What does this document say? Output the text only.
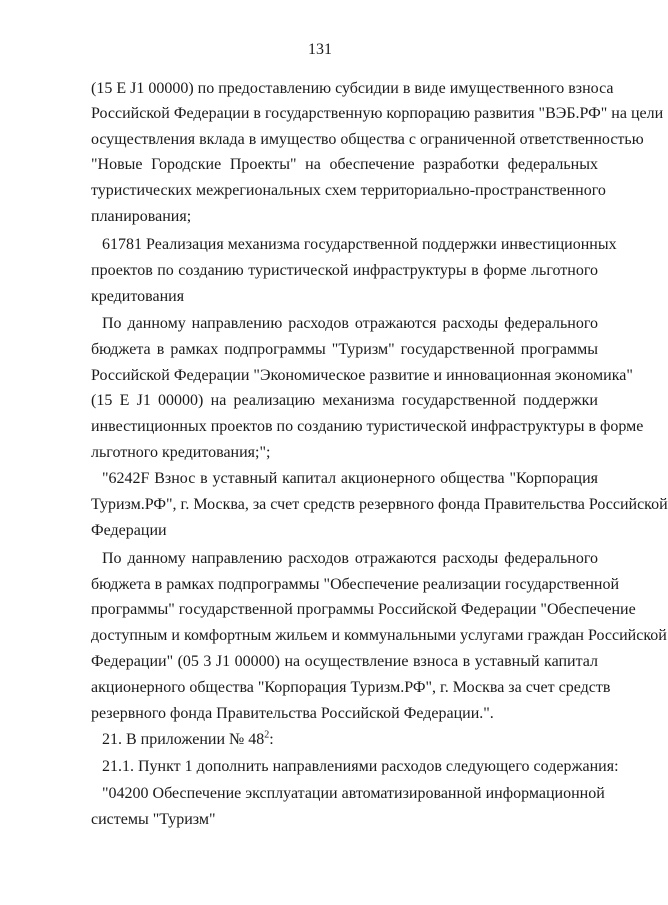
131
(15 E J1 00000) по предоставлению субсидии в виде имущественного взноса
Российской Федерации в государственную корпорацию развития "ВЭБ.РФ" на цели
осуществления вклада в имущество общества с ограниченной ответственностью
"Новые Городские Проекты" на обеспечение разработки федеральных
туристических межрегиональных схем территориально-пространственного
планирования;
61781 Реализация механизма государственной поддержки инвестиционных
проектов по созданию туристической инфраструктуры в форме льготного
кредитования
По данному направлению расходов отражаются расходы федерального
бюджета в рамках подпрограммы "Туризм" государственной программы
Российской Федерации "Экономическое развитие и инновационная экономика"
(15 E J1 00000) на реализацию механизма государственной поддержки
инвестиционных проектов по созданию туристической инфраструктуры в форме
льготного кредитования;";
"6242F Взнос в уставный капитал акционерного общества "Корпорация
Туризм.РФ", г. Москва, за счет средств резервного фонда Правительства Российской
Федерации
По данному направлению расходов отражаются расходы федерального
бюджета в рамках подпрограммы "Обеспечение реализации государственной
программы" государственной программы Российской Федерации "Обеспечение
доступным и комфортным жильем и коммунальными услугами граждан Российской
Федерации" (05 3 J1 00000) на осуществление взноса в уставный капитал
акционерного общества "Корпорация Туризм.РФ", г. Москва за счет средств
резервного фонда Правительства Российской Федерации.".
21. В приложении № $48^2$:
21.1. Пункт 1 дополнить направлениями расходов следующего содержания:
"04200 Обеспечение эксплуатации автоматизированной информационной
системы "Туризм"
